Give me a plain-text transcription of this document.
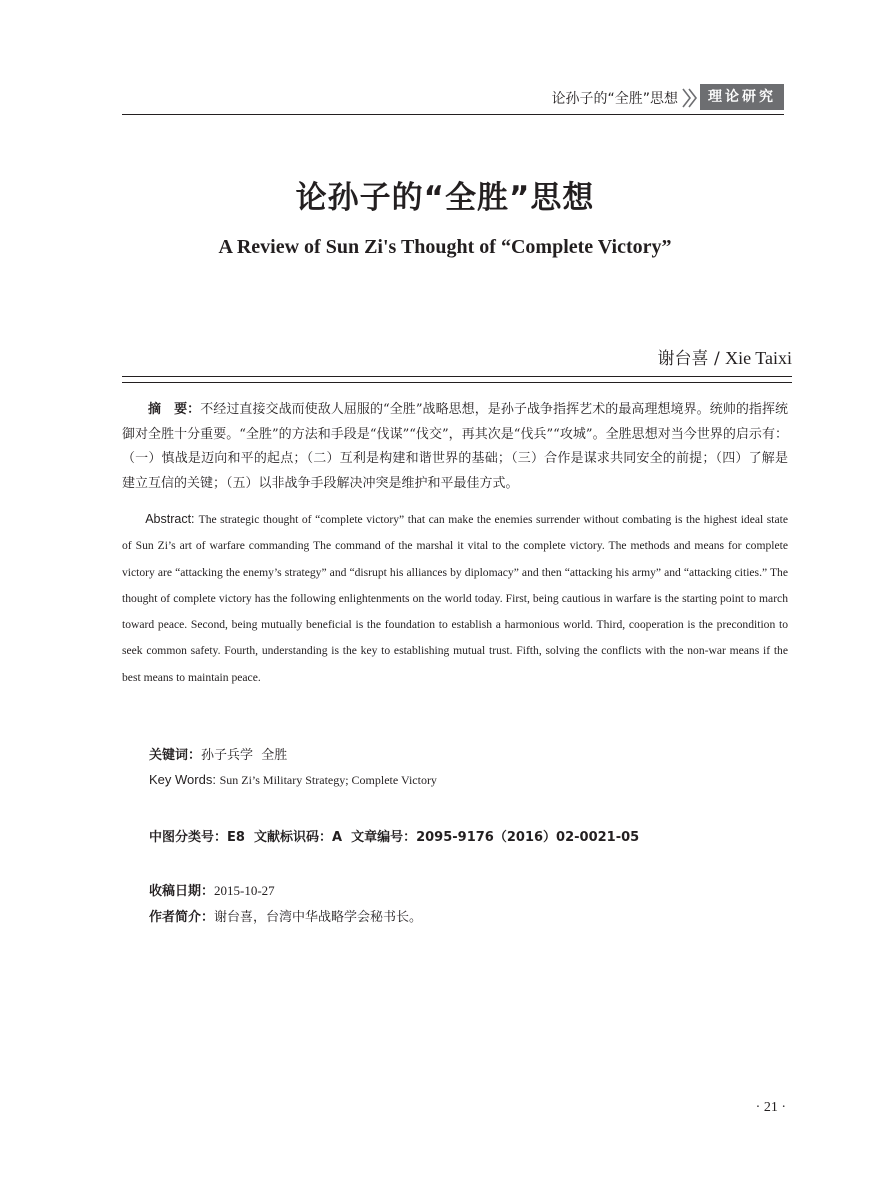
论孙子的“全胜”思想	理论研究
论孙子的“全胜”思想
A Review of Sun Zi's Thought of “Complete Victory”
谢台喜 / Xie Taixi
摘　要：不经过直接交战而使敌人屈服的“全胜”战略思想，是孙子战争指挥艺术的最高理想境界。统帅的指挥统御对全胜十分重要。“全胜”的方法和手段是“伐谋”“伐交”，再其次是“伐兵”“攻城”。全胜思想对当今世界的启示有：（一）慎战是迈向和平的起点；（二）互利是构建和谐世界的基础；（三）合作是谋求共同安全的前提；（四）了解是建立互信的关键；（五）以非战争手段解决冲突是维护和平最佳方式。
Abstract: The strategic thought of “complete victory” that can make the enemies surrender without combating is the highest ideal state of Sun Zi’s art of warfare commanding The command of the marshal it vital to the complete victory. The methods and means for complete victory are “attacking the enemy’s strategy” and “disrupt his alliances by diplomacy” and then “attacking his army” and “attacking cities.” The thought of complete victory has the following enlightenments on the world today. First, being cautious in warfare is the starting point to march toward peace. Second, being mutually beneficial is the foundation to establish a harmonious world. Third, cooperation is the precondition to seek common safety. Fourth, understanding is the key to establishing mutual trust. Fifth, solving the conflicts with the non-war means if the best means to maintain peace.
关键词：孙子兵学  全胜
Key Words: Sun Zi’s Military Strategy; Complete Victory
中图分类号：E8  文献标识码：A  文章编号：2095-9176（2016）02-0021-05
收稿日期：2015-10-27
作者简介：谢台喜，台湾中华战略学会秘书长。
· 21 ·
